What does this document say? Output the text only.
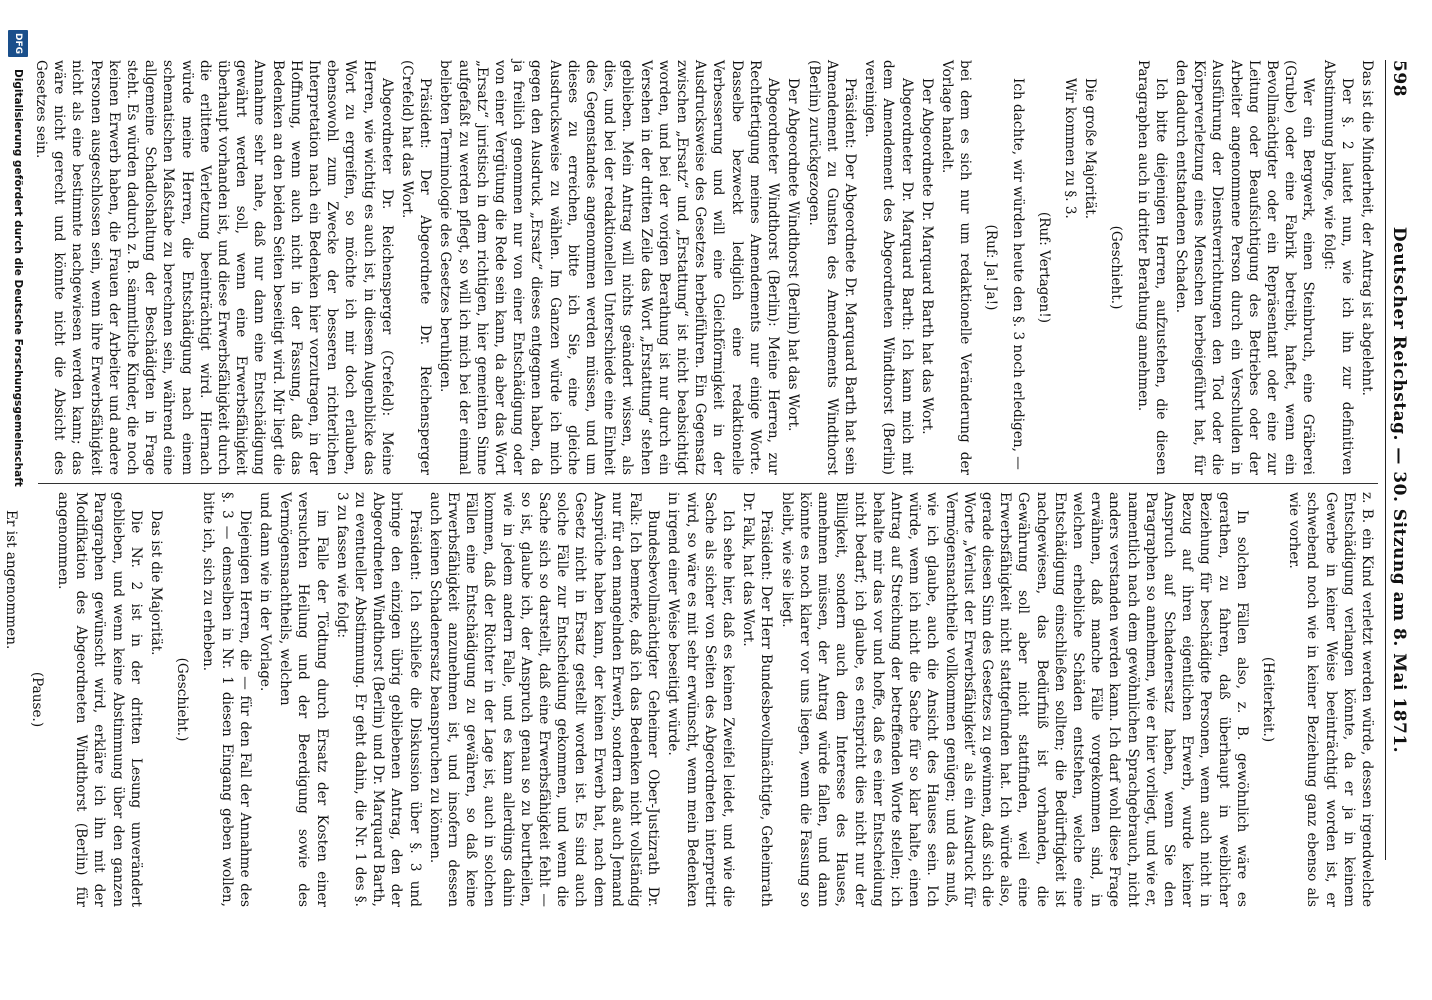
598
Deutscher Reichstag. — 30. Sitzung am 8. Mai 1871.

Das ist die Minderheit, der Antrag ist abgelehnt.

Der §. 2 lautet nun, wie ich ihn zur definitiven Abstimmung bringe, wie folgt:

Wer ein Bergwerk, einen Steinbruch, eine Gräberei (Grube) oder eine Fabrik betreibt, haftet, wenn ein Bevollmächtigter oder ein Repräsentant oder eine zur Leitung oder Beaufsichtigung des Betriebes oder der Arbeiter angenommene Person durch ein Verschulden in Ausführung der Dienstverrichtungen den Tod oder die Körperverletzung eines Menschen herbeigeführt hat, für den dadurch entstandenen Schaden.

Ich bitte diejenigen Herren, aufzustehen, die diesen Paragraphen auch in dritter Berathung annehmen.

(Geschieht.)

Die große Majorität.

Wir kommen zu §. 3.

(Ruf: Vertagen!)

Ich dachte, wir würden heute den §. 3 noch erledigen, —

(Ruf: Ja! Ja!)

bei dem es sich nur um redaktionelle Veränderung der Vorlage handelt.

Der Abgeordnete Dr. Marquard Barth hat das Wort.

Abgeordneter Dr. Marquard Barth: Ich kann mich mit dem Amendement des Abgeordneten Windthorst (Berlin) vereinigen.

Präsident: Der Abgeordnete Dr. Marquard Barth hat sein Amendement zu Gunsten des Amendements Windthorst (Berlin) zurückgezogen.

Der Abgeordnete Windthorst (Berlin) hat das Wort.

Abgeordneter Windthorst (Berlin): Meine Herren, zur Rechtfertigung meines Amendements nur einige Worte. Dasselbe bezweckt lediglich eine redaktionelle Verbesserung und will eine Gleichförmigkeit in der Ausdrucksweise des Gesetzes herbeiführen. Ein Gegensatz zwischen „Ersatz“ und „Erstattung“ ist nicht beabsichtigt worden, und bei der vorigen Berathung ist nur durch ein Versehen in der dritten Zeile das Wort „Erstattung“ stehen geblieben. Mein Antrag will nichts geändert wissen, als dies, und bei der redaktionellen Unterschiede eine Einheit des Gegenstandes angenommen werden müssen, und um dieses zu erreichen, bitte ich Sie, eine gleiche Ausdrucksweise zu wählen. Im Ganzen würde ich mich gegen den Ausdruck „Ersatz“ dieses entgegnen haben, da ja freilich genommen nur von einer Entschädigung oder von einer Vergütung die Rede sein kann, da aber das Wort „Ersatz“ juristisch in dem richtigen, hier gemeinten Sinne aufgefaßt zu werden pflegt, so will ich mich bei der einmal beliebten Terminologie des Gesetzes beruhigen.

Präsident: Der Abgeordnete Dr. Reichensperger (Crefeld) hat das Wort.

Abgeordneter Dr. Reichensperger (Crefeld): Meine Herren, wie wichtig es auch ist, in diesem Augenblicke das Wort zu ergreifen, so möchte ich mir doch erlauben, ebensowohl zum Zwecke der besseren richterlichen Interpretation nach ein Bedenken hier vorzutragen, in der Hoffnung, wenn auch nicht in der Fassung, daß das Bedenken an den beiden Seiten beseitigt wird. Mir liegt die Annahme sehr nahe, daß nur dann eine Entschädigung gewährt werden soll, wenn eine Erwerbsfähigkeit überhaupt vorhanden ist, und diese Erwerbsfähigkeit durch die erlittene Verletzung beeinträchtigt wird. Hiernach würde meine Herren, die Entschädigung nach einem schematischen Maßstabe zu berechnen sein, während eine allgemeine Schadloshaltung der Beschädigten in Frage steht. Es würden dadurch z. B. sämmtliche Kinder, die noch keinen Erwerb haben, die Frauen der Arbeiter und andere Personen ausgeschlossen sein, wenn ihre Erwerbsfähigkeit nicht als eine bestimmte nachgewiesen werden kann; das wäre nicht gerecht und könnte nicht die Absicht des Gesetzes sein.

z. B. ein Kind verletzt werden würde, dessen irgendwelche Entschädigung verlangen könnte, da er ja in keinem Gewerbe in keiner Weise beeinträchtigt worden ist, er schwebend noch wie in keiner Beziehung ganz ebenso als wie vorher.

(Heiterkeit.)

In solchen Fällen also, z. B. gewöhnlich wäre es gerathen, zu fahren, daß überhaupt in weiblicher Beziehung für beschädigte Personen, wenn auch nicht in Bezug auf ihren eigentlichen Erwerb, wurde keiner Anspruch auf Schadenersatz haben, wenn Sie den Paragraphen so annehmen, wie er hier vorliegt, und wie er, namentlich nach dem gewöhnlichen Sprachgebrauch, nicht anders verstanden werden kann. Ich darf wohl diese Frage erwähnen, daß manche Fälle vorgekommen sind, in welchen erhebliche Schäden entstehen, welche eine Entschädigung einschließen sollten; die Bedürftigkeit ist nachgewiesen, das Bedürfniß ist vorhanden, die Gewährung soll aber nicht stattfinden, weil eine Erwerbsfähigkeit nicht stattgefunden hat. Ich würde also, gerade diesen Sinn des Gesetzes zu gewinnen, daß sich die Worte „Verlust der Erwerbsfähigkeit“ als ein Ausdruck für Vermögensnachtheile vollkommen genügen; und das muß, wie ich glaube, auch die Ansicht des Hauses sein. Ich würde, wenn ich nicht die Sache für so klar halte, einen Antrag auf Streichung der betreffenden Worte stellen; ich behalte mir das vor und hoffe, daß es einer Entscheidung nicht bedarf; ich glaube, es entspricht dies nicht nur der Billigkeit, sondern auch dem Interesse des Hauses, annehmen müssen, der Antrag würde fallen, und dann könnte es noch klarer vor uns liegen, wenn die Fassung so bleibt, wie sie liegt.

Präsident: Der Herr Bundesbevollmächtigte, Geheimrath Dr. Falk, hat das Wort.

Ich sehe hier, daß es keinen Zweifel leidet, und wie die Sache als sicher von Seiten des Abgeordneten interpretirt wird, so wäre es mit sehr erwünscht, wenn mein Bedenken in irgend einer Weise beseitigt würde.

Bundesbevollmächtigter Geheimer Ober-Justizrath Dr. Falk: Ich bemerke, daß ich das Bedenken nicht vollständig nur für den mangelnden Erwerb, sondern daß auch Jemand Ansprüche haben kann, der keinen Erwerb hat, nach dem Gesetz nicht in Ersatz gestellt worden ist. Es sind auch solche Fälle zur Entscheidung gekommen, und wenn die Sache sich so darstellt, daß eine Erwerbsfähigkeit fehlt — so ist, glaube ich, der Anspruch genau so zu beurtheilen, wie in jedem andern Falle, und es kann allerdings dahin kommen, daß der Richter in der Lage ist, auch in solchen Fällen eine Entschädigung zu gewähren, so daß keine Erwerbsfähigkeit anzunehmen ist, und insofern dessen auch keinen Schadenersatz beanspruchen zu können.

Präsident: Ich schließe die Diskussion über §. 3 und bringe den einzigen übrig gebliebenen Antrag, den der Abgeordneten Windthorst (Berlin) und Dr. Marquard Barth, zu eventueller Abstimmung. Er geht dahin, die Nr. 1 des §. 3 zu fassen wie folgt:

im Falle der Tödtung durch Ersatz der Kosten einer versuchten Heilung und der Beerdigung sowie des Vermögensnachtheils, welchen

und dann wie in der Vorlage.

Diejenigen Herren, die — für den Fall der Annahme des §. 3 — demselben in Nr. 1 diesen Eingang geben wollen, bitte ich, sich zu erheben.

(Geschieht.)

Das ist die Majorität.

Die Nr. 2 ist in der dritten Lesung unverändert geblieben, und wenn keine Abstimmung über den ganzen Paragraphen gewünscht wird, erkläre ich ihn mit der Modifikation des Abgeordneten Windthorst (Berlin) für angenommen.

(Pause.)

Er ist angenommen.

DFG
Digitalisierung gefördert durch die Deutsche Forschungsgemeinschaft
